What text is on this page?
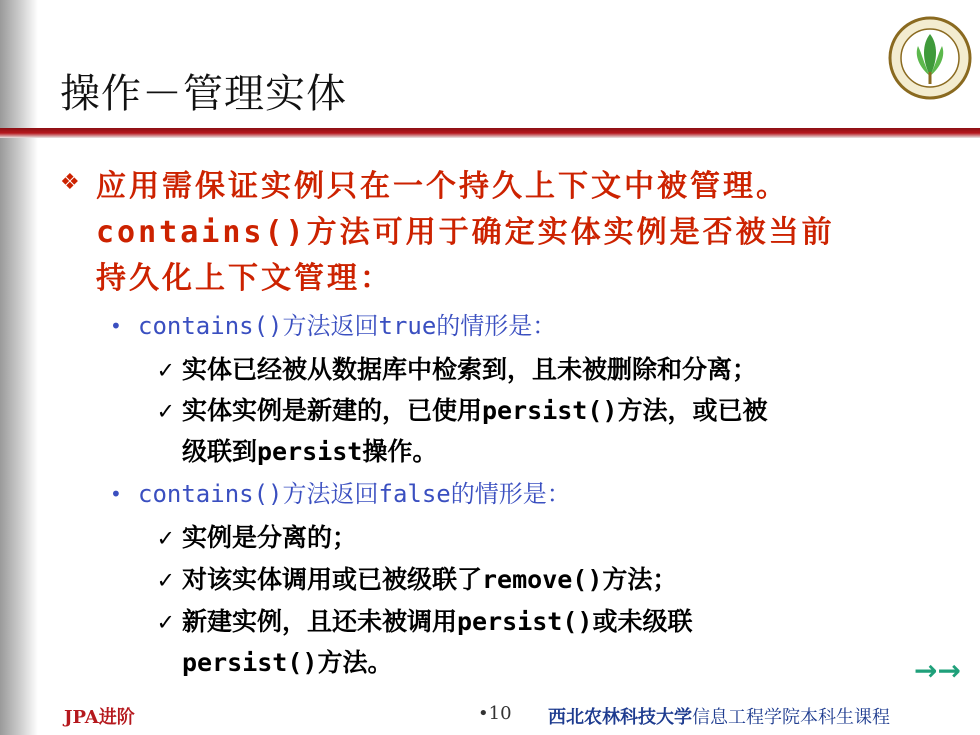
操作－管理实体
❖ 应用需保证实例只在一个持久上下文中被管理。
contains()方法可用于确定实体实例是否被当前
持久化上下文管理：
• contains()方法返回true的情形是：
✓ 实体已经被从数据库中检索到，且未被删除和分离；
✓ 实体实例是新建的，已使用persist()方法，或已被
级联到persist操作。
• contains()方法返回false的情形是：
✓ 实例是分离的；
✓ 对该实体调用或已被级联了remove()方法；
✓ 新建实例，且还未被调用persist()或未级联
persist()方法。	→→
JPA进阶	•10 西北农林科技大学信息工程学院本科生课程
